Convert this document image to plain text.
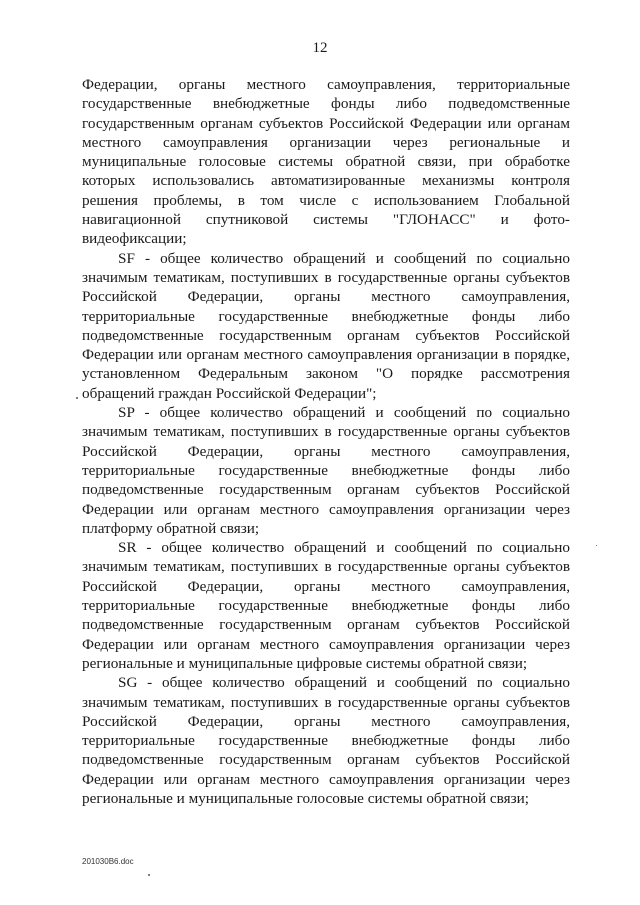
12

Федерации, органы местного самоуправления, территориальные
государственные внебюджетные фонды либо подведомственные
государственным органам субъектов Российской Федерации или органам
местного самоуправления организации через региональные и
муниципальные голосовые системы обратной связи, при обработке
которых использовались автоматизированные механизмы контроля
решения проблемы, в том числе с использованием Глобальной
навигационной спутниковой системы "ГЛОНАСС" и фото-
видеофиксации;

SF - общее количество обращений и сообщений по социально
значимым тематикам, поступивших в государственные органы субъектов
Российской Федерации, органы местного самоуправления,
территориальные государственные внебюджетные фонды либо
подведомственные государственным органам субъектов Российской
Федерации или органам местного самоуправления организации в порядке,
установленном Федеральным законом "О порядке рассмотрения
обращений граждан Российской Федерации";

SP - общее количество обращений и сообщений по социально
значимым тематикам, поступивших в государственные органы субъектов
Российской Федерации, органы местного самоуправления,
территориальные государственные внебюджетные фонды либо
подведомственные государственным органам субъектов Российской
Федерации или органам местного самоуправления организации через
платформу обратной связи;

SR - общее количество обращений и сообщений по социально
значимым тематикам, поступивших в государственные органы субъектов
Российской Федерации, органы местного самоуправления,
территориальные государственные внебюджетные фонды либо
подведомственные государственным органам субъектов Российской
Федерации или органам местного самоуправления организации через
региональные и муниципальные цифровые системы обратной связи;

SG - общее количество обращений и сообщений по социально
значимым тематикам, поступивших в государственные органы субъектов
Российской Федерации, органы местного самоуправления,
территориальные государственные внебюджетные фонды либо
подведомственные государственным органам субъектов Российской
Федерации или органам местного самоуправления организации через
региональные и муниципальные голосовые системы обратной связи;

201030B6.doc
